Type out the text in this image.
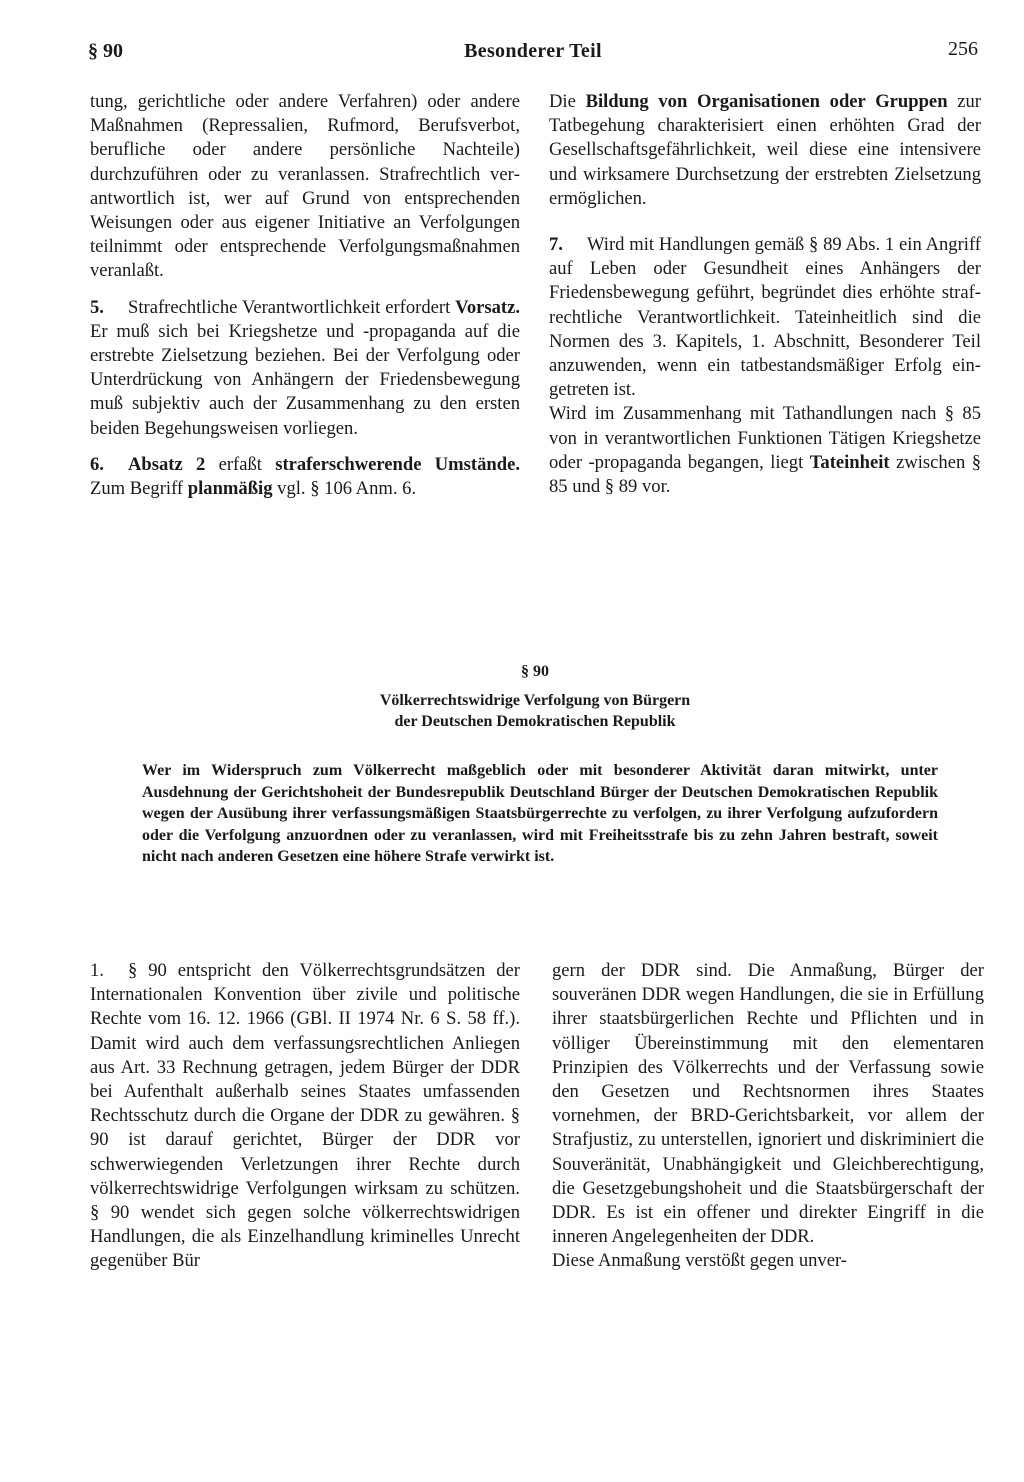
§ 90	Besonderer Teil	256

tung, gerichtliche oder andere Verfahren) oder andere Maßnahmen (Repressalien, Rufmord, Berufsverbot, berufliche oder andere persönliche Nachteile) durchzuführen oder zu veranlassen. Strafrechtlich verantwortlich ist, wer auf Grund von entsprechenden Weisungen oder aus eigener Initiative an Verfolgungen teilnimmt oder entsprechende Verfolgungsmaßnahmen veranlaßt.

5. Strafrechtliche Verantwortlichkeit erfordert Vorsatz. Er muß sich bei Kriegshetze und -propaganda auf die erstrebte Zielsetzung beziehen. Bei der Verfolgung oder Unterdrückung von Anhängern der Friedensbewegung muß subjektiv auch der Zusammenhang zu den ersten beiden Begehungsweisen vorliegen.

6. Absatz 2 erfaßt straferschwerende Umstände. Zum Begriff planmäßig vgl. § 106 Anm. 6.

Die Bildung von Organisationen oder Gruppen zur Tatbegehung charakterisiert einen erhöhten Grad der Gesellschaftsgefährlichkeit, weil diese eine intensivere und wirksamere Durchsetzung der erstrebten Zielsetzung ermöglichen.

7. Wird mit Handlungen gemäß § 89 Abs. 1 ein Angriff auf Leben oder Gesundheit eines Anhängers der Friedensbewegung geführt, begründet dies erhöhte strafrechtliche Verantwortlichkeit. Tateinheitlich sind die Normen des 3. Kapitels, 1. Abschnitt, Besonderer Teil anzuwenden, wenn ein tatbestandsmäßiger Erfolg eingetreten ist.

Wird im Zusammenhang mit Tathandlungen nach § 85 von in verantwortlichen Funktionen Tätigen Kriegshetze oder -propaganda begangen, liegt Tateinheit zwischen § 85 und § 89 vor.

§ 90
Völkerrechtswidrige Verfolgung von Bürgern
der Deutschen Demokratischen Republik
Wer im Widerspruch zum Völkerrecht maßgeblich oder mit besonderer Aktivität daran mitwirkt, unter Ausdehnung der Gerichtshoheit der Bundesrepublik Deutschland Bürger der Deutschen Demokratischen Republik wegen der Ausübung ihrer verfassungsmäßigen Staatsbürgerrechte zu verfolgen, zu ihrer Verfolgung aufzufordern oder die Verfolgung anzuordnen oder zu veranlassen, wird mit Freiheitsstrafe bis zu zehn Jahren bestraft, soweit nicht nach anderen Gesetzen eine höhere Strafe verwirkt ist.

1. § 90 entspricht den Völkerrechtsgrundsätzen der Internationalen Konvention über zivile und politische Rechte vom 16. 12. 1966 (GBl. II 1974 Nr. 6 S. 58 ff.). Damit wird auch dem verfassungsrechtlichen Anliegen aus Art. 33 Rechnung getragen, jedem Bürger der DDR bei Aufenthalt außerhalb seines Staates umfassenden Rechtsschutz durch die Organe der DDR zu gewähren. § 90 ist darauf gerichtet, Bürger der DDR vor schwerwiegenden Verletzungen ihrer Rechte durch völkerrechtswidrige Verfolgungen wirksam zu schützen. § 90 wendet sich gegen solche völkerrechtswidrigen Handlungen, die als Einzelhandlung kriminelles Unrecht gegenüber Bür

gern der DDR sind. Die Anmaßung, Bürger der souveränen DDR wegen Handlungen, die sie in Erfüllung ihrer staatsbürgerlichen Rechte und Pflichten und in völliger Übereinstimmung mit den elementaren Prinzipien des Völkerrechts und der Verfassung sowie den Gesetzen und Rechtsnormen ihres Staates vornehmen, der BRD-Gerichtsbarkeit, vor allem der Strafjustiz, zu unterstellen, ignoriert und diskriminiert die Souveränität, Unabhängigkeit und Gleichberechtigung, die Gesetzgebungshoheit und die Staatsbürgerschaft der DDR. Es ist ein offener und direkter Eingriff in die inneren Angelegenheiten der DDR.

Diese Anmaßung verstößt gegen unver-
